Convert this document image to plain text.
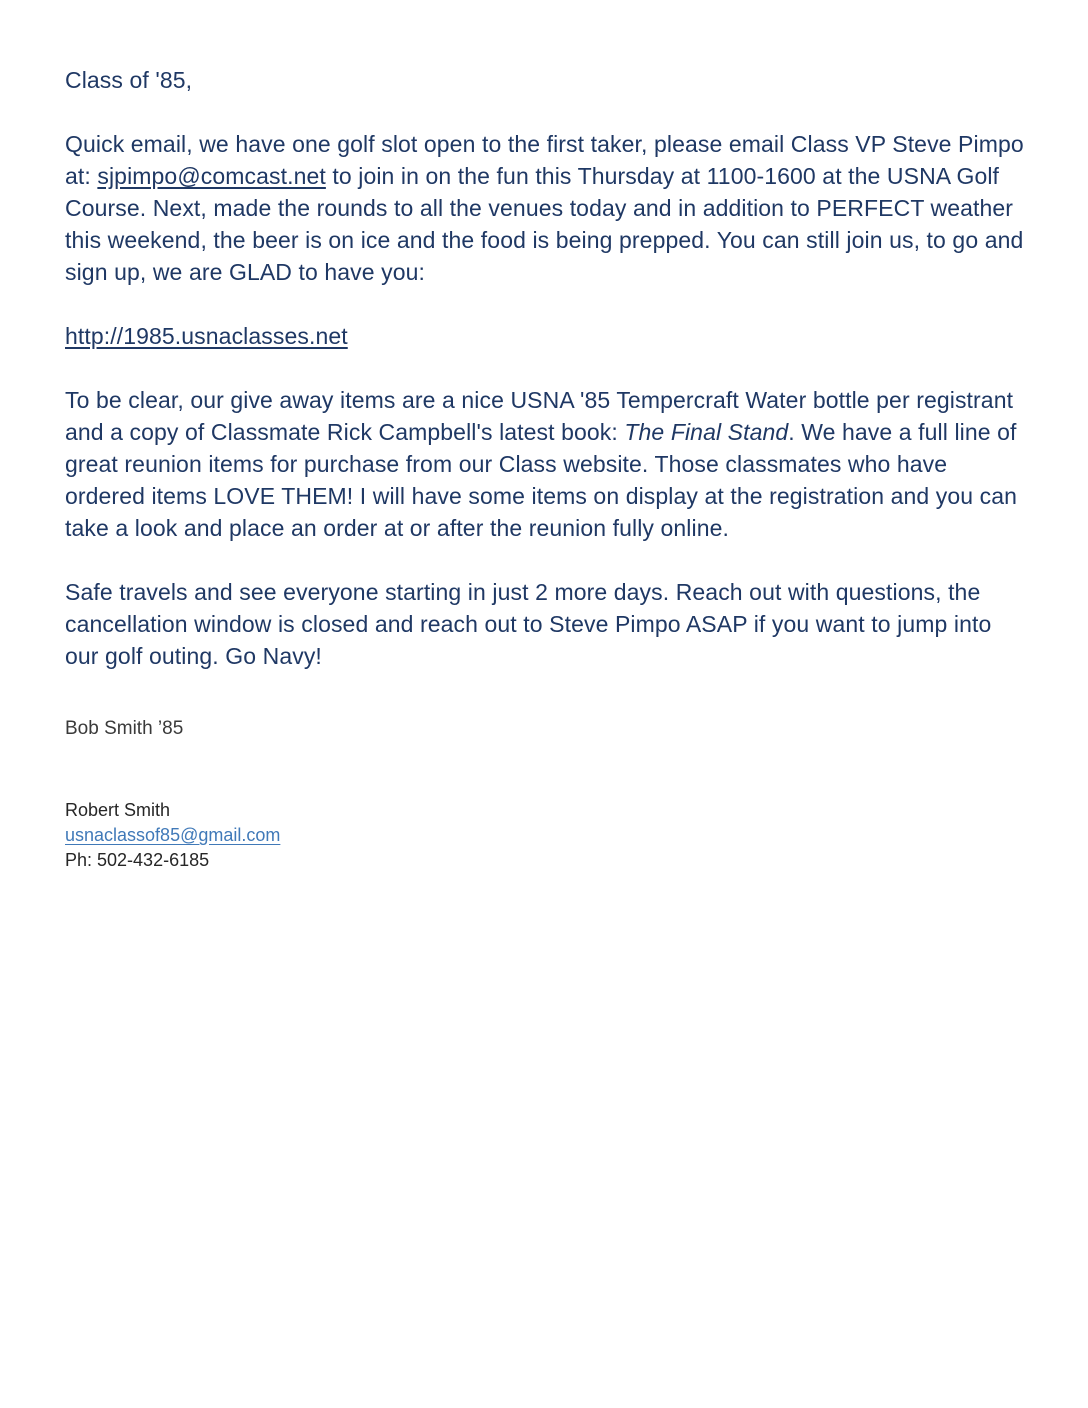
Class of '85,

Quick email, we have one golf slot open to the first taker, please email Class VP Steve Pimpo at: sjpimpo@comcast.net to join in on the fun this Thursday at 1100-1600 at the USNA Golf Course. Next, made the rounds to all the venues today and in addition to PERFECT weather this weekend, the beer is on ice and the food is being prepped. You can still join us, to go and sign up, we are GLAD to have you:

http://1985.usnaclasses.net

To be clear, our give away items are a nice USNA '85 Tempercraft Water bottle per registrant and a copy of Classmate Rick Campbell's latest book: The Final Stand. We have a full line of great reunion items for purchase from our Class website. Those classmates who have ordered items LOVE THEM! I will have some items on display at the registration and you can take a look and place an order at or after the reunion fully online.

Safe travels and see everyone starting in just 2 more days. Reach out with questions, the cancellation window is closed and reach out to Steve Pimpo ASAP if you want to jump into our golf outing. Go Navy!

Bob Smith ’85

Robert Smith

usnaclassof85@gmail.com

Ph: 502-432-6185
